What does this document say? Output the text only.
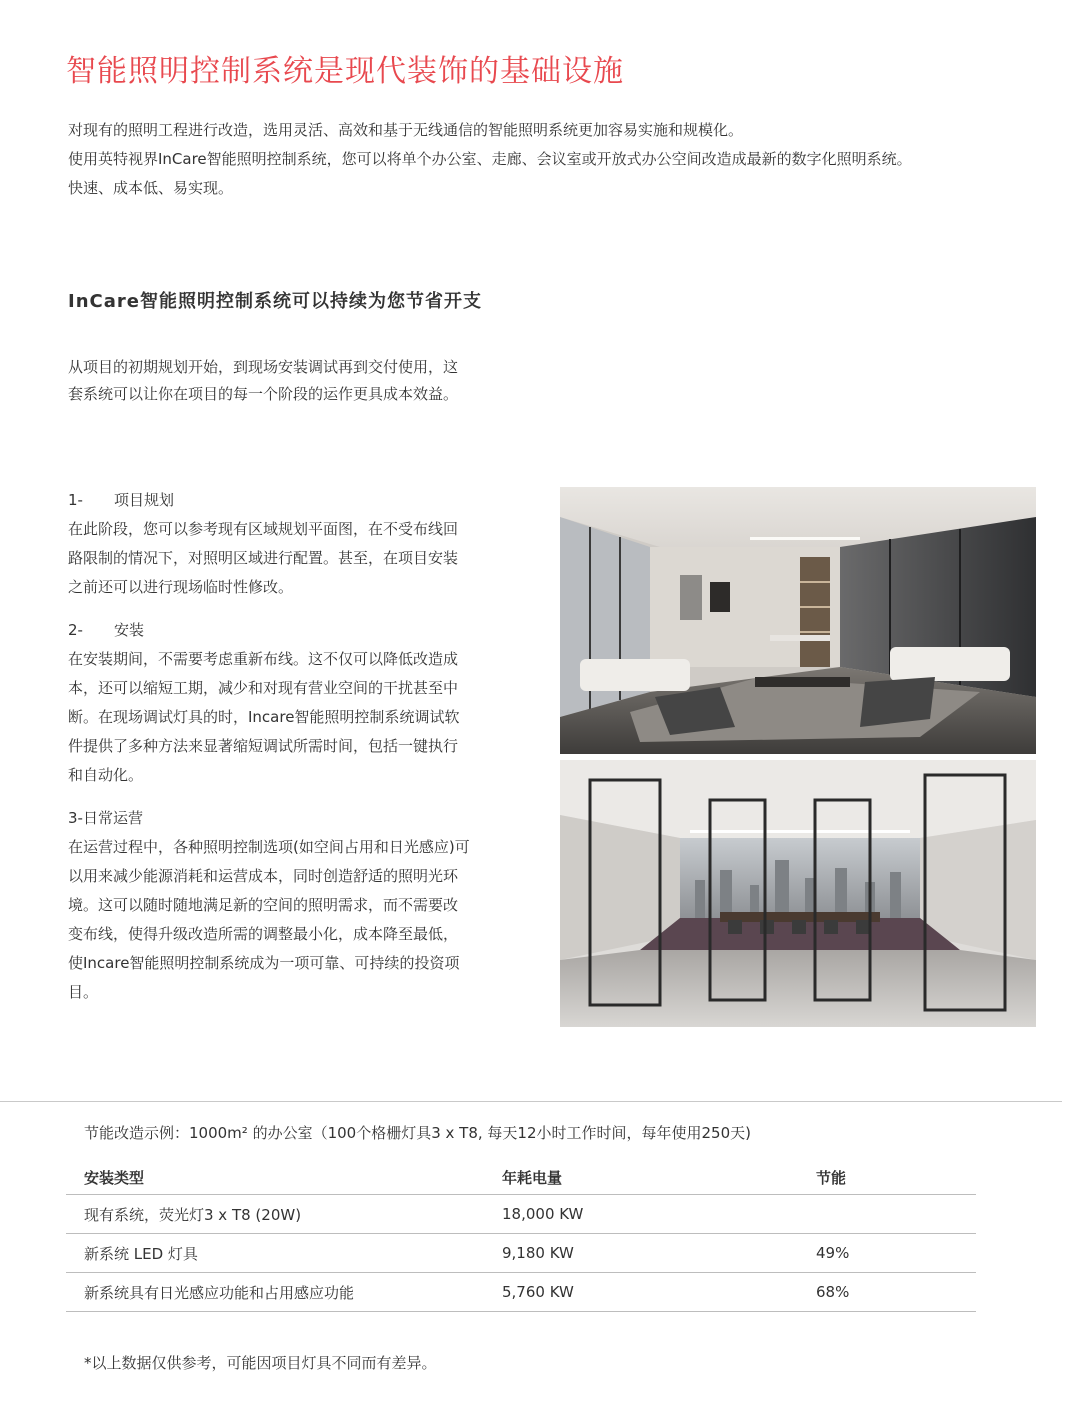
智能照明控制系统是现代装饰的基础设施
对现有的照明工程进行改造，选用灵活、高效和基于无线通信的智能照明系统更加容易实施和规模化。
使用英特视界InCare智能照明控制系统，您可以将单个办公室、走廊、会议室或开放式办公空间改造成最新的数字化照明系统。
快速、成本低、易实现。
InCare智能照明控制系统可以持续为您节省开支
从项目的初期规划开始，到现场安装调试再到交付使用，这
套系统可以让你在项目的每一个阶段的运作更具成本效益。
1- 项目规划
在此阶段，您可以参考现有区域规划平面图，在不受布线回
路限制的情况下，对照明区域进行配置。甚至，在项目安装
之前还可以进行现场临时性修改。
2- 安装
在安装期间，不需要考虑重新布线。这不仅可以降低改造成
本，还可以缩短工期，减少和对现有营业空间的干扰甚至中
断。在现场调试灯具的时，Incare智能照明控制系统调试软
件提供了多种方法来显著缩短调试所需时间，包括一键执行
和自动化。
3-日常运营
在运营过程中，各种照明控制选项(如空间占用和日光感应)可
以用来减少能源消耗和运营成本，同时创造舒适的照明光环
境。这可以随时随地满足新的空间的照明需求，而不需要改
变布线，使得升级改造所需的调整最小化，成本降至最低，
使Incare智能照明控制系统成为一项可靠、可持续的投资项
目。
节能改造示例：1000m² 的办公室（100个格栅灯具3 x T8, 每天12小时工作时间，每年使用250天)
安装类型	年耗电量	节能
现有系统，荧光灯3 x T8 (20W)	18,000 KW	
新系统 LED 灯具	9,180 KW	49%
新系统具有日光感应功能和占用感应功能	5,760 KW	68%
*以上数据仅供参考，可能因项目灯具不同而有差异。
